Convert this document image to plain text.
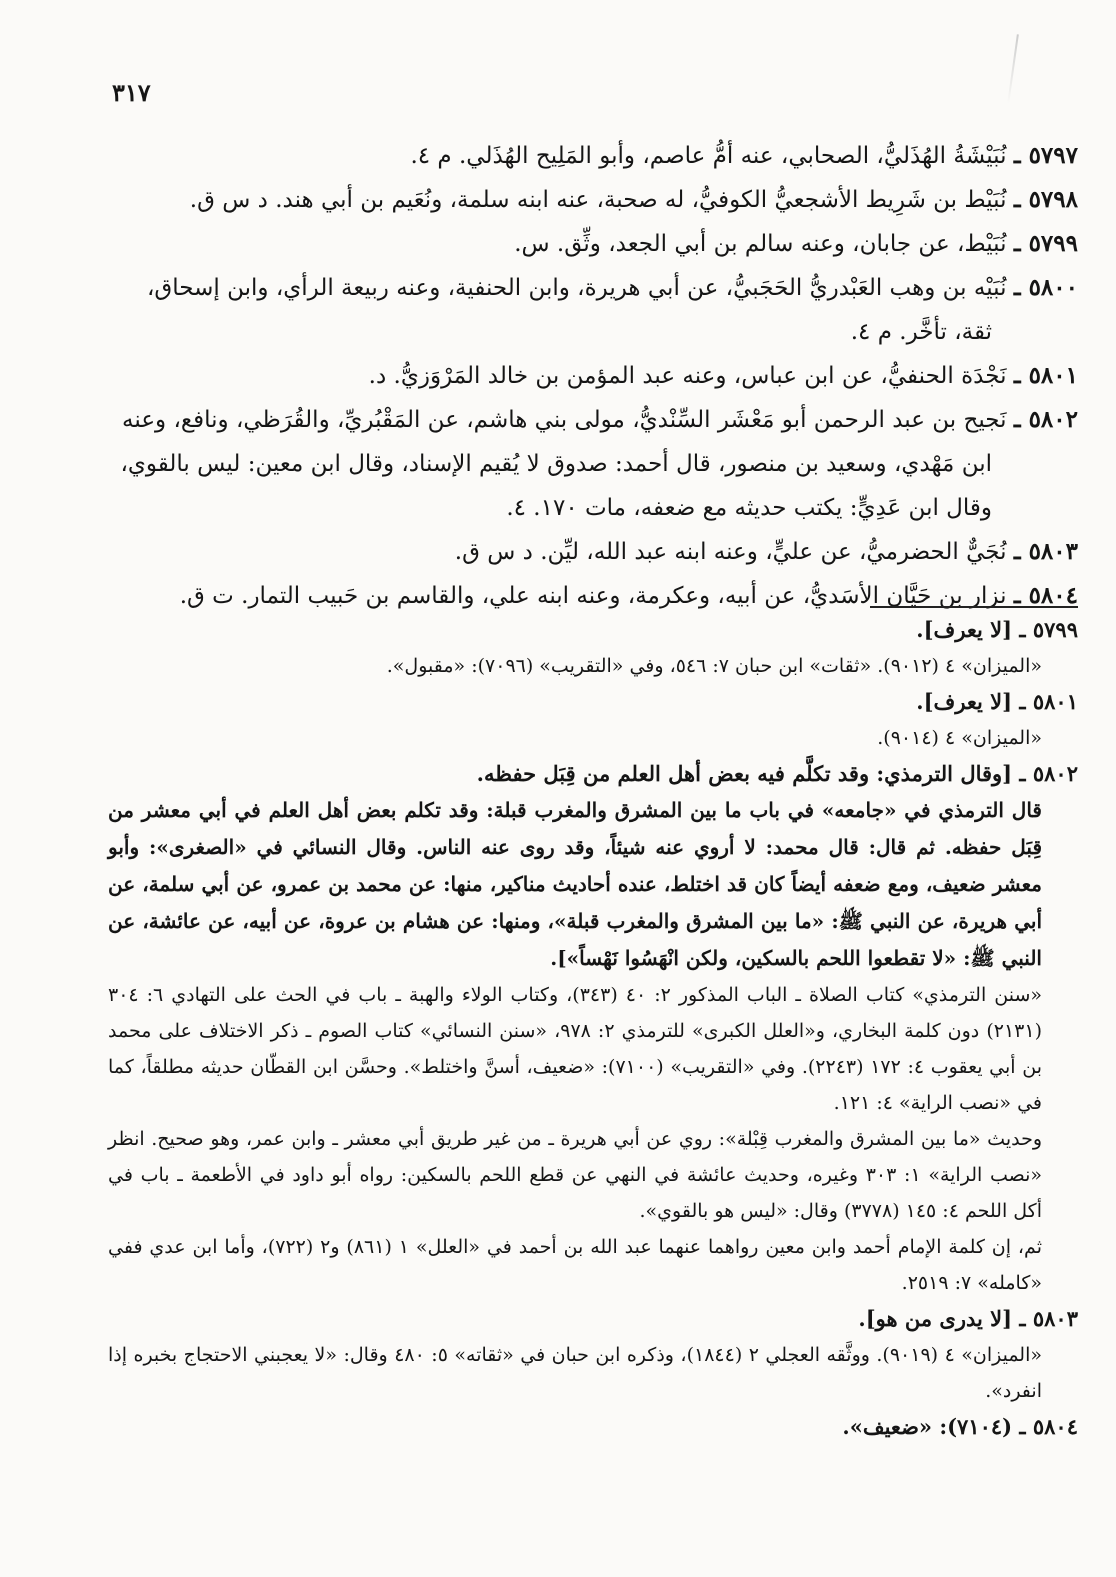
٣١٧

٥٧٩٧ ـ نُبَيْشَةُ الهُذَليُّ، الصحابي، عنه أمُّ عاصم، وأبو المَلِيح الهُذَلي. م ٤.

٥٧٩٨ ـ نُبَيْط بن شَرِيط الأشجعيُّ الكوفيُّ، له صحبة، عنه ابنه سلمة، ونُعَيم بن أبي هند. د س ق.

٥٧٩٩ ـ نُبَيْط، عن جابان، وعنه سالم بن أبي الجعد، وثِّق. س.

٥٨٠٠ ـ نُبَيْه بن وهب العَبْدريُّ الحَجَبيُّ، عن أبي هريرة، وابن الحنفية، وعنه ربيعة الرأي، وابن إسحاق،
ثقة، تأخَّر. م ٤.

٥٨٠١ ـ نَجْدَة الحنفيُّ، عن ابن عباس، وعنه عبد المؤمن بن خالد المَرْوَزيُّ. د.

٥٨٠٢ ـ نَجيح بن عبد الرحمن أبو مَعْشَر السِّنْديُّ، مولى بني هاشم، عن المَقْبُريِّ، والقُرَظي، ونافع، وعنه
ابن مَهْدي، وسعيد بن منصور، قال أحمد: صدوق لا يُقيم الإسناد، وقال ابن معين: ليس بالقوي،
وقال ابن عَدِيٍّ: يكتب حديثه مع ضعفه، مات ١٧٠. ٤.

٥٨٠٣ ـ نُجَيٌّ الحضرميُّ، عن عليٍّ، وعنه ابنه عبد الله، ليِّن. د س ق.

٥٨٠٤ ـ نزار بن حَيَّان الأسَديُّ، عن أبيه، وعكرمة، وعنه ابنه علي، والقاسم بن حَبيب التمار. ت ق.

٥٧٩٩ ـ [لا يعرف].

«الميزان» ٤ (٩٠١٢). «ثقات» ابن حبان ٧: ٥٤٦، وفي «التقريب» (٧٠٩٦): «مقبول».

٥٨٠١ ـ [لا يعرف].

«الميزان» ٤ (٩٠١٤).

٥٨٠٢ ـ [وقال الترمذي: وقد تكلَّم فيه بعض أهل العلم من قِبَل حفظه.

قال الترمذي في «جامعه» في باب ما بين المشرق والمغرب قبلة: وقد تكلم بعض أهل العلم في أبي معشر من قِبَل حفظه. ثم قال: قال محمد: لا أروي عنه شيئاً، وقد روى عنه الناس. وقال النسائي في «الصغرى»: وأبو معشر ضعيف، ومع ضعفه أيضاً كان قد اختلط، عنده أحاديث مناكير، منها: عن محمد بن عمرو، عن أبي سلمة، عن أبي هريرة، عن النبي ﷺ: «ما بين المشرق والمغرب قبلة»، ومنها: عن هشام بن عروة، عن أبيه، عن عائشة، عن النبي ﷺ: «لا تقطعوا اللحم بالسكين، ولكن انْهَسُوا نَهْساً»].

«سنن الترمذي» كتاب الصلاة ـ الباب المذكور ٢: ٤٠ (٣٤٣)، وكتاب الولاء والهبة ـ باب في الحث على التهادي ٦: ٣٠٤ (٢١٣١) دون كلمة البخاري، و«العلل الكبرى» للترمذي ٢: ٩٧٨، «سنن النسائي» كتاب الصوم ـ ذكر الاختلاف على محمد بن أبي يعقوب ٤: ١٧٢ (٢٢٤٣). وفي «التقريب» (٧١٠٠): «ضعيف، أسنَّ واختلط». وحسَّن ابن القطّان حديثه مطلقاً، كما في «نصب الراية» ٤: ١٢١.

وحديث «ما بين المشرق والمغرب قِبْلة»: روي عن أبي هريرة ـ من غير طريق أبي معشر ـ وابن عمر، وهو صحيح. انظر «نصب الراية» ١: ٣٠٣ وغيره، وحديث عائشة في النهي عن قطع اللحم بالسكين: رواه أبو داود في الأطعمة ـ باب في أكل اللحم ٤: ١٤٥ (٣٧٧٨) وقال: «ليس هو بالقوي».

ثم، إن كلمة الإمام أحمد وابن معين رواهما عنهما عبد الله بن أحمد في «العلل» ١ (٨٦١) و٢ (٧٢٢)، وأما ابن عدي ففي «كامله» ٧: ٢٥١٩.

٥٨٠٣ ـ [لا يدرى من هو].

«الميزان» ٤ (٩٠١٩). ووثَّقه العجلي ٢ (١٨٤٤)، وذكره ابن حبان في «ثقاته» ٥: ٤٨٠ وقال: «لا يعجبني الاحتجاج بخبره إذا انفرد».

٥٨٠٤ ـ (٧١٠٤): «ضعيف».
